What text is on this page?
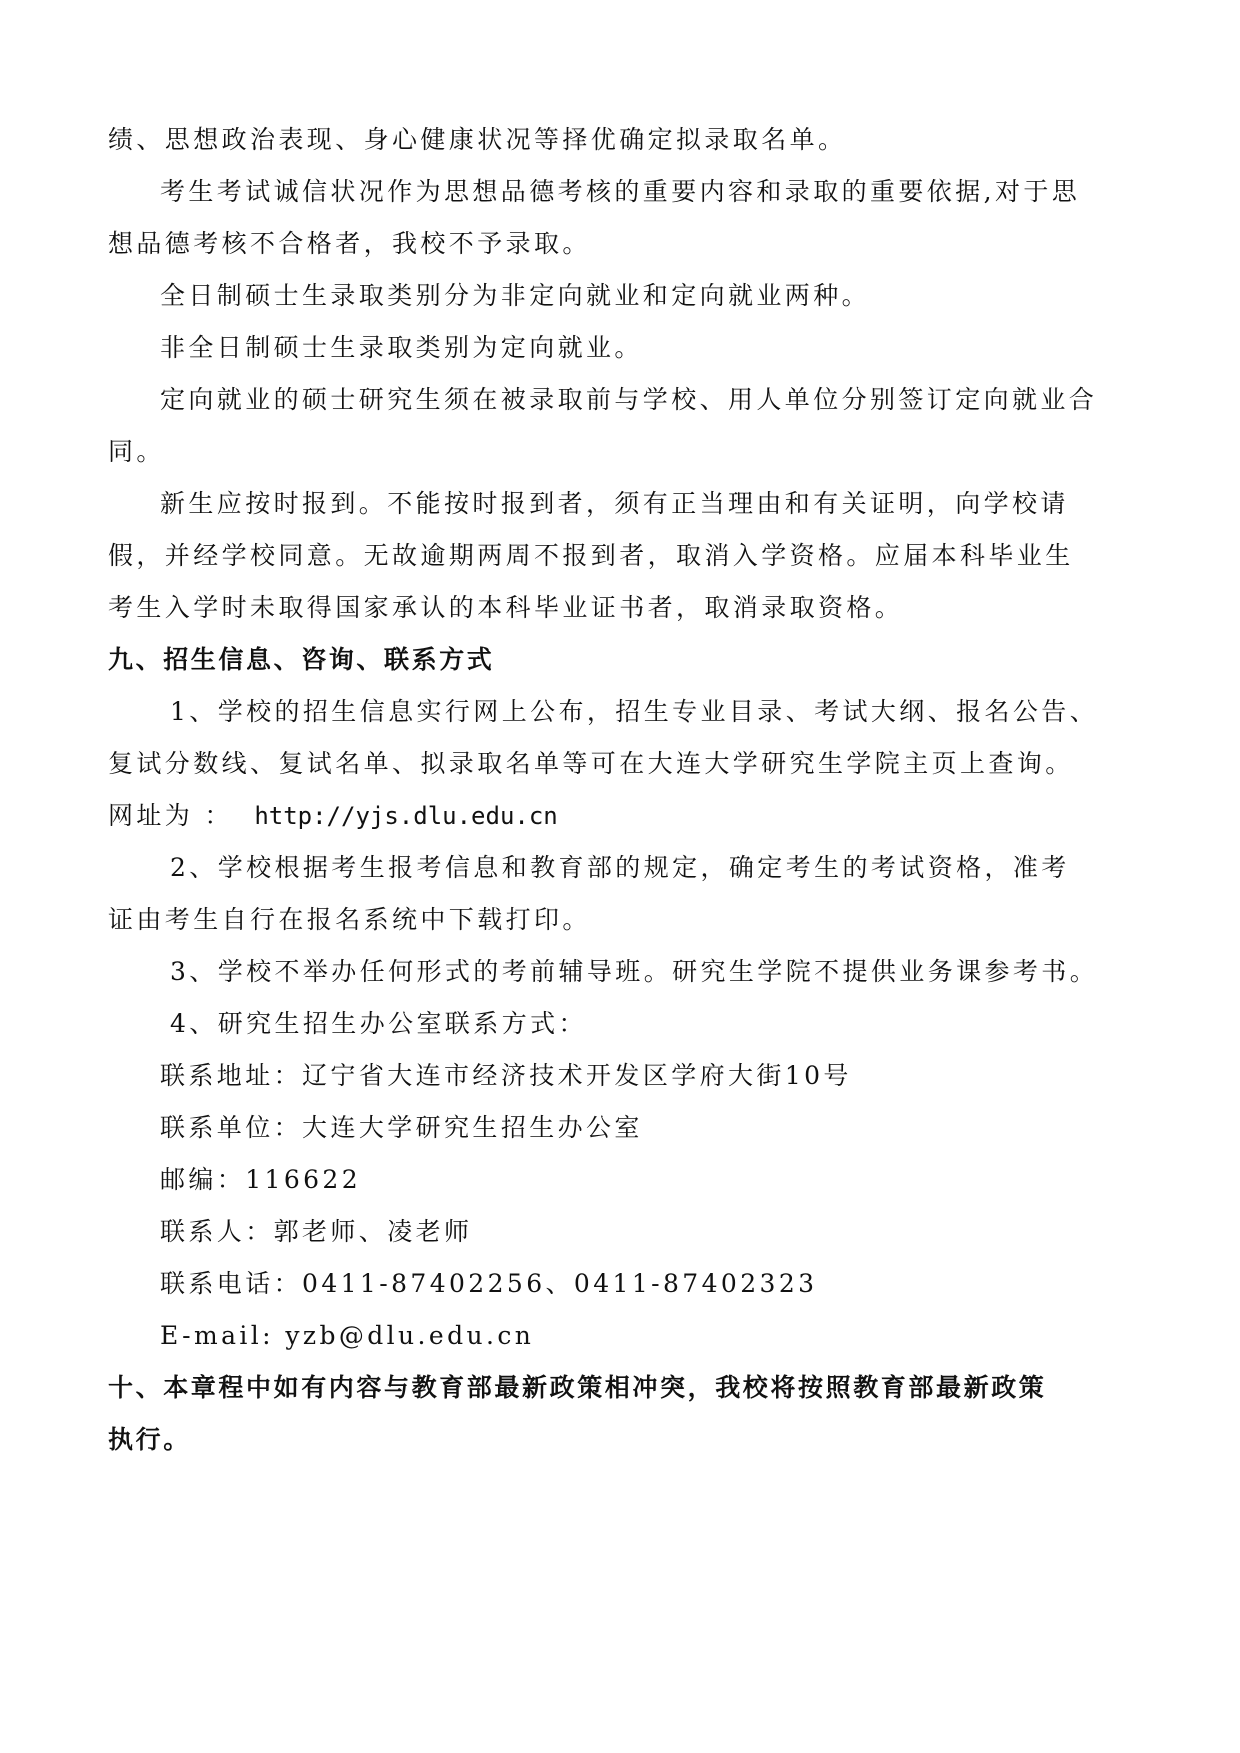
绩、思想政治表现、身心健康状况等择优确定拟录取名单。
考生考试诚信状况作为思想品德考核的重要内容和录取的重要依据,对于思
想品德考核不合格者，我校不予录取。
全日制硕士生录取类别分为非定向就业和定向就业两种。
非全日制硕士生录取类别为定向就业。
定向就业的硕士研究生须在被录取前与学校、用人单位分别签订定向就业合
同。
新生应按时报到。不能按时报到者，须有正当理由和有关证明，向学校请
假，并经学校同意。无故逾期两周不报到者，取消入学资格。应届本科毕业生
考生入学时未取得国家承认的本科毕业证书者，取消录取资格。
九、招生信息、咨询、联系方式
1、学校的招生信息实行网上公布，招生专业目录、考试大纲、报名公告、
复试分数线、复试名单、拟录取名单等可在大连大学研究生学院主页上查询。
网址为 ： http://yjs.dlu.edu.cn
2、学校根据考生报考信息和教育部的规定，确定考生的考试资格，准考
证由考生自行在报名系统中下载打印。
3、学校不举办任何形式的考前辅导班。研究生学院不提供业务课参考书。
4、研究生招生办公室联系方式：
联系地址：辽宁省大连市经济技术开发区学府大街10号
联系单位：大连大学研究生招生办公室
邮编：116622
联系人：郭老师、凌老师
联系电话：0411-87402256、0411-87402323
E-mail: yzb@dlu.edu.cn
十、本章程中如有内容与教育部最新政策相冲突，我校将按照教育部最新政策
执行。
